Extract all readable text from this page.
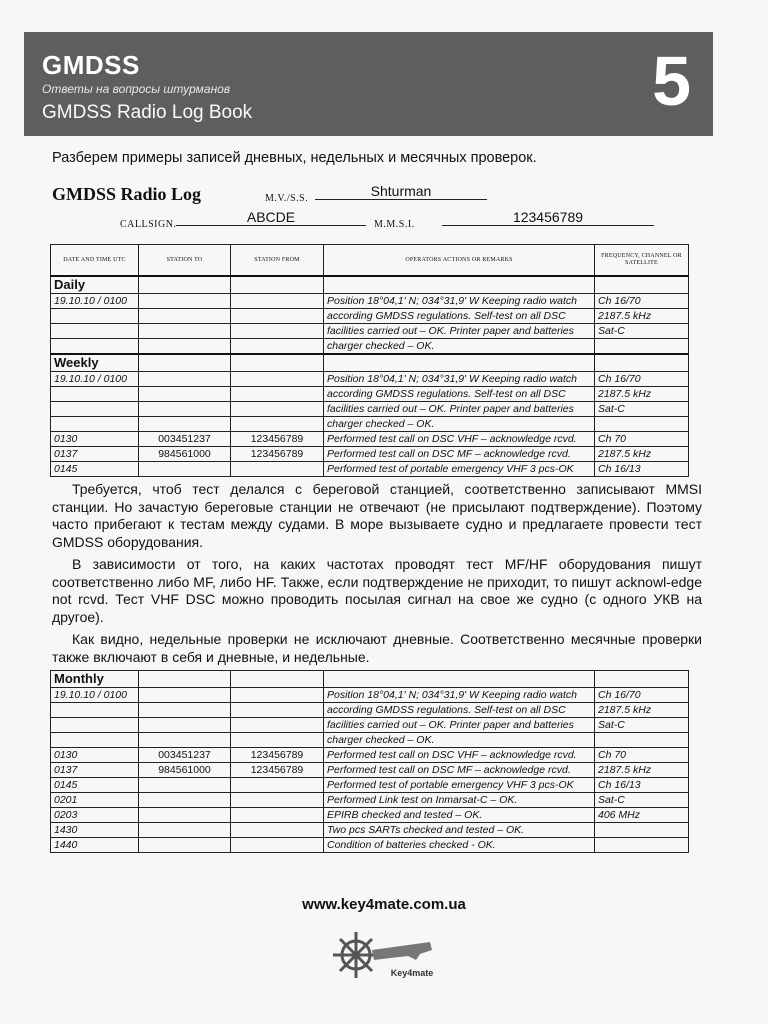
GMDSS
Ответы на вопросы штурманов
GMDSS Radio Log Book	5
Разберем примеры записей дневных, недельных и месячных проверок.
GMDSS Radio Log	M.V./S.S.	Shturman
CALLSIGN.	ABCDE	M.M.S.I.	123456789
DATE AND TIME UTC	STATION TO	STATION FROM	OPERATORS ACTIONS OR REMARKS	FREQUENCY, CHANNEL OR SATELLITE
Daily				
19.10.10 / 0100			Position 18°04,1' N; 034°31,9' W Keeping radio watch	Ch 16/70
			according GMDSS regulations. Self-test on all DSC	2187.5 kHz
			facilities carried out – OK. Printer paper and batteries	Sat-C
			charger checked – OK.	
Weekly				
19.10.10 / 0100			Position 18°04,1' N; 034°31,9' W Keeping radio watch	Ch 16/70
			according GMDSS regulations. Self-test on all DSC	2187.5 kHz
			facilities carried out – OK. Printer paper and batteries	Sat-C
			charger checked – OK.	
0130	003451237	123456789	Performed test call on DSC VHF – acknowledge rcvd.	Ch 70
0137	984561000	123456789	Performed test call on DSC MF – acknowledge rcvd.	2187.5 kHz
0145			Performed test of portable emergency VHF 3 pcs-OK	Ch 16/13
Требуется, чтоб тест делался с береговой станцией, соответственно записывают MMSI станции. Но зачастую береговые станции не отвечают (не присылают подтверждение). Поэтому часто прибегают к тестам между судами. В море вызываете судно и предлагаете провести тест GMDSS оборудования.
В зависимости от того, на каких частотах проводят тест MF/HF оборудования пишут соответственно либо MF, либо HF. Также, если подтверждение не приходит, то пишут acknowl-edge not rcvd. Тест VHF DSC можно проводить посылая сигнал на свое же судно (с одного УКВ на другое).
Как видно, недельные проверки не исключают дневные. Соответственно месячные проверки также включают в себя и дневные, и недельные.
Monthly				
19.10.10 / 0100			Position 18°04,1' N; 034°31,9' W Keeping radio watch	Ch 16/70
			according GMDSS regulations. Self-test on all DSC	2187.5 kHz
			facilities carried out – OK. Printer paper and batteries	Sat-C
			charger checked – OK.	
0130	003451237	123456789	Performed test call on DSC VHF – acknowledge rcvd.	Ch 70
0137	984561000	123456789	Performed test call on DSC MF – acknowledge rcvd.	2187.5 kHz
0145			Performed test of portable emergency VHF 3 pcs-OK	Ch 16/13
0201			Performed Link test on Inmarsat-C – OK.	Sat-C
0203			EPIRB checked and tested – OK.	406 MHz
1430			Two pcs SARTs checked and tested – OK.	
1440			Condition of batteries checked - OK.	
www.key4mate.com.ua
Key4mate
